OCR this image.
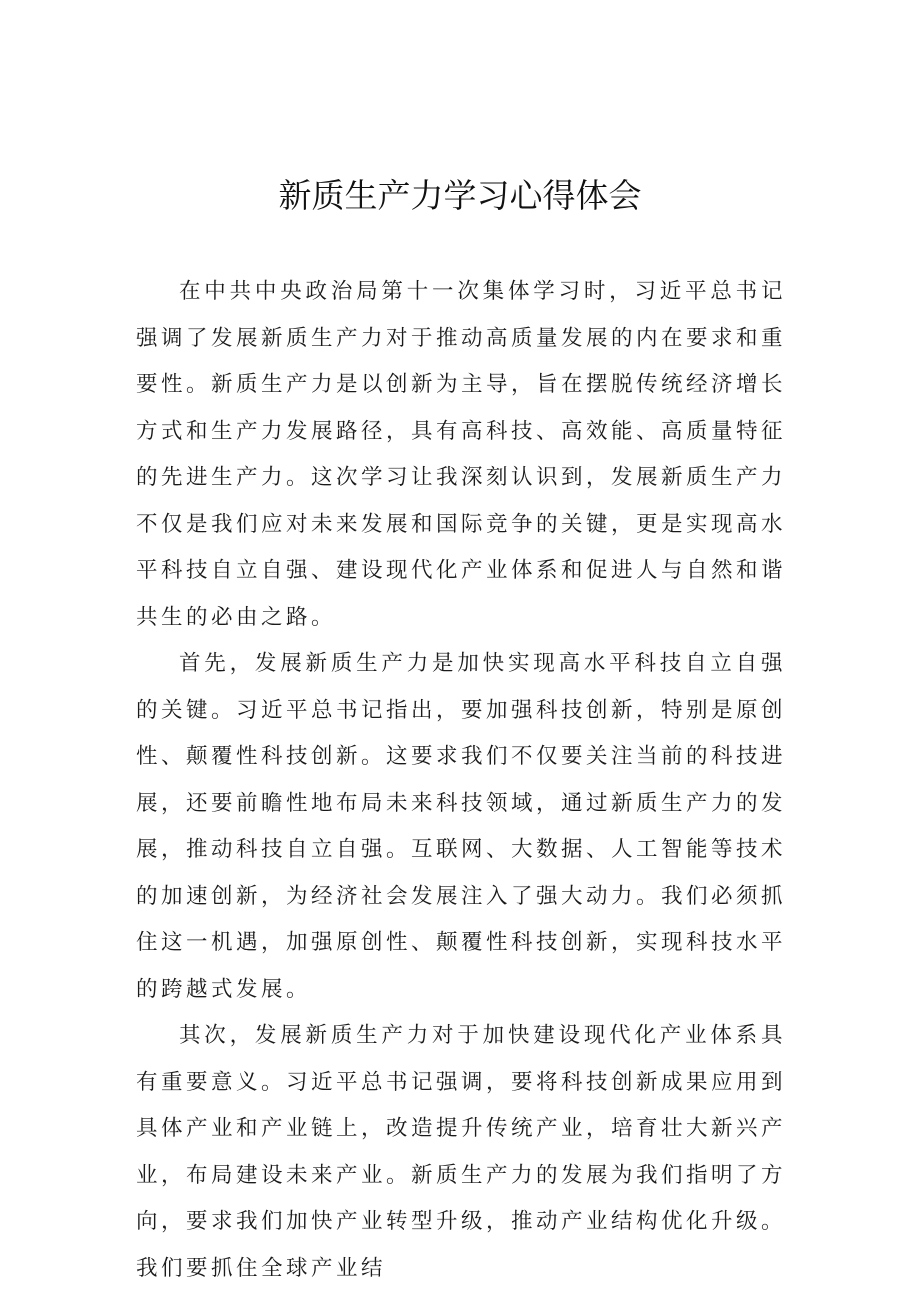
新质生产力学习心得体会

在中共中央政治局第十一次集体学习时，习近平总书记强调了发展新质生产力对于推动高质量发展的内在要求和重要性。新质生产力是以创新为主导，旨在摆脱传统经济增长方式和生产力发展路径，具有高科技、高效能、高质量特征的先进生产力。这次学习让我深刻认识到，发展新质生产力不仅是我们应对未来发展和国际竞争的关键，更是实现高水平科技自立自强、建设现代化产业体系和促进人与自然和谐共生的必由之路。

首先，发展新质生产力是加快实现高水平科技自立自强的关键。习近平总书记指出，要加强科技创新，特别是原创性、颠覆性科技创新。这要求我们不仅要关注当前的科技进展，还要前瞻性地布局未来科技领域，通过新质生产力的发展，推动科技自立自强。互联网、大数据、人工智能等技术的加速创新，为经济社会发展注入了强大动力。我们必须抓住这一机遇，加强原创性、颠覆性科技创新，实现科技水平的跨越式发展。

其次，发展新质生产力对于加快建设现代化产业体系具有重要意义。习近平总书记强调，要将科技创新成果应用到具体产业和产业链上，改造提升传统产业，培育壮大新兴产业，布局建设未来产业。新质生产力的发展为我们指明了方向，要求我们加快产业转型升级，推动产业结构优化升级。我们要抓住全球产业结
